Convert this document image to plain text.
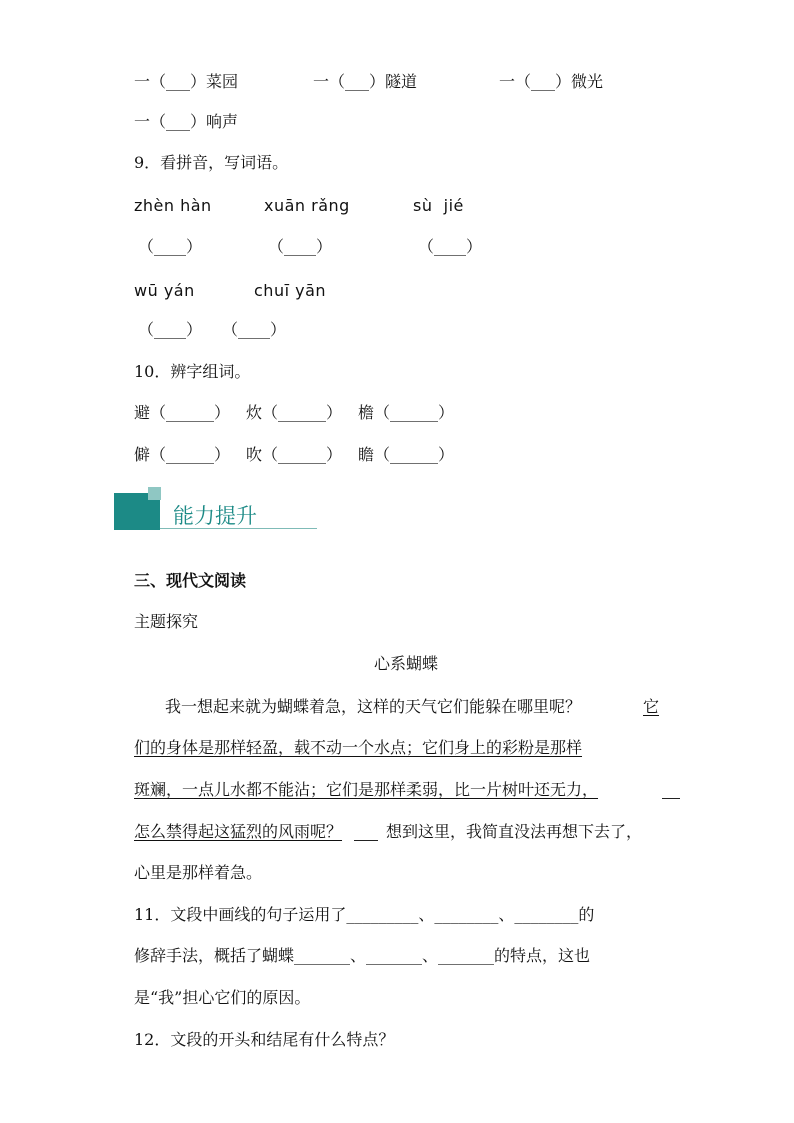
一（___）菜园	一（___）隧道	一（___）微光
一（___）响声
9．看拼音，写词语。
zhèn hàn	xuān rǎng	sù  jié
（____）	（____）	（____）
wū yán	chuī yān
（____） （____）
10．辨字组词。
避（______） 炊（______） 檐（______）
僻（______） 吹（______） 瞻（______）
能力提升
三、现代文阅读
主题探究
心系蝴蝶
我一想起来就为蝴蝶着急，这样的天气它们能躲在哪里呢？	它
们的身体是那样轻盈，载不动一个水点；它们身上的彩粉是那样
斑斓，一点儿水都不能沾；它们是那样柔弱，比一片树叶还无力，
怎么禁得起这猛烈的风雨呢？	想到这里，我简直没法再想下去了，
心里是那样着急。
11．文段中画线的句子运用了_________、________、________的
修辞手法，概括了蝴蝶_______、_______、_______的特点，这也
是“我”担心它们的原因。
12．文段的开头和结尾有什么特点？
